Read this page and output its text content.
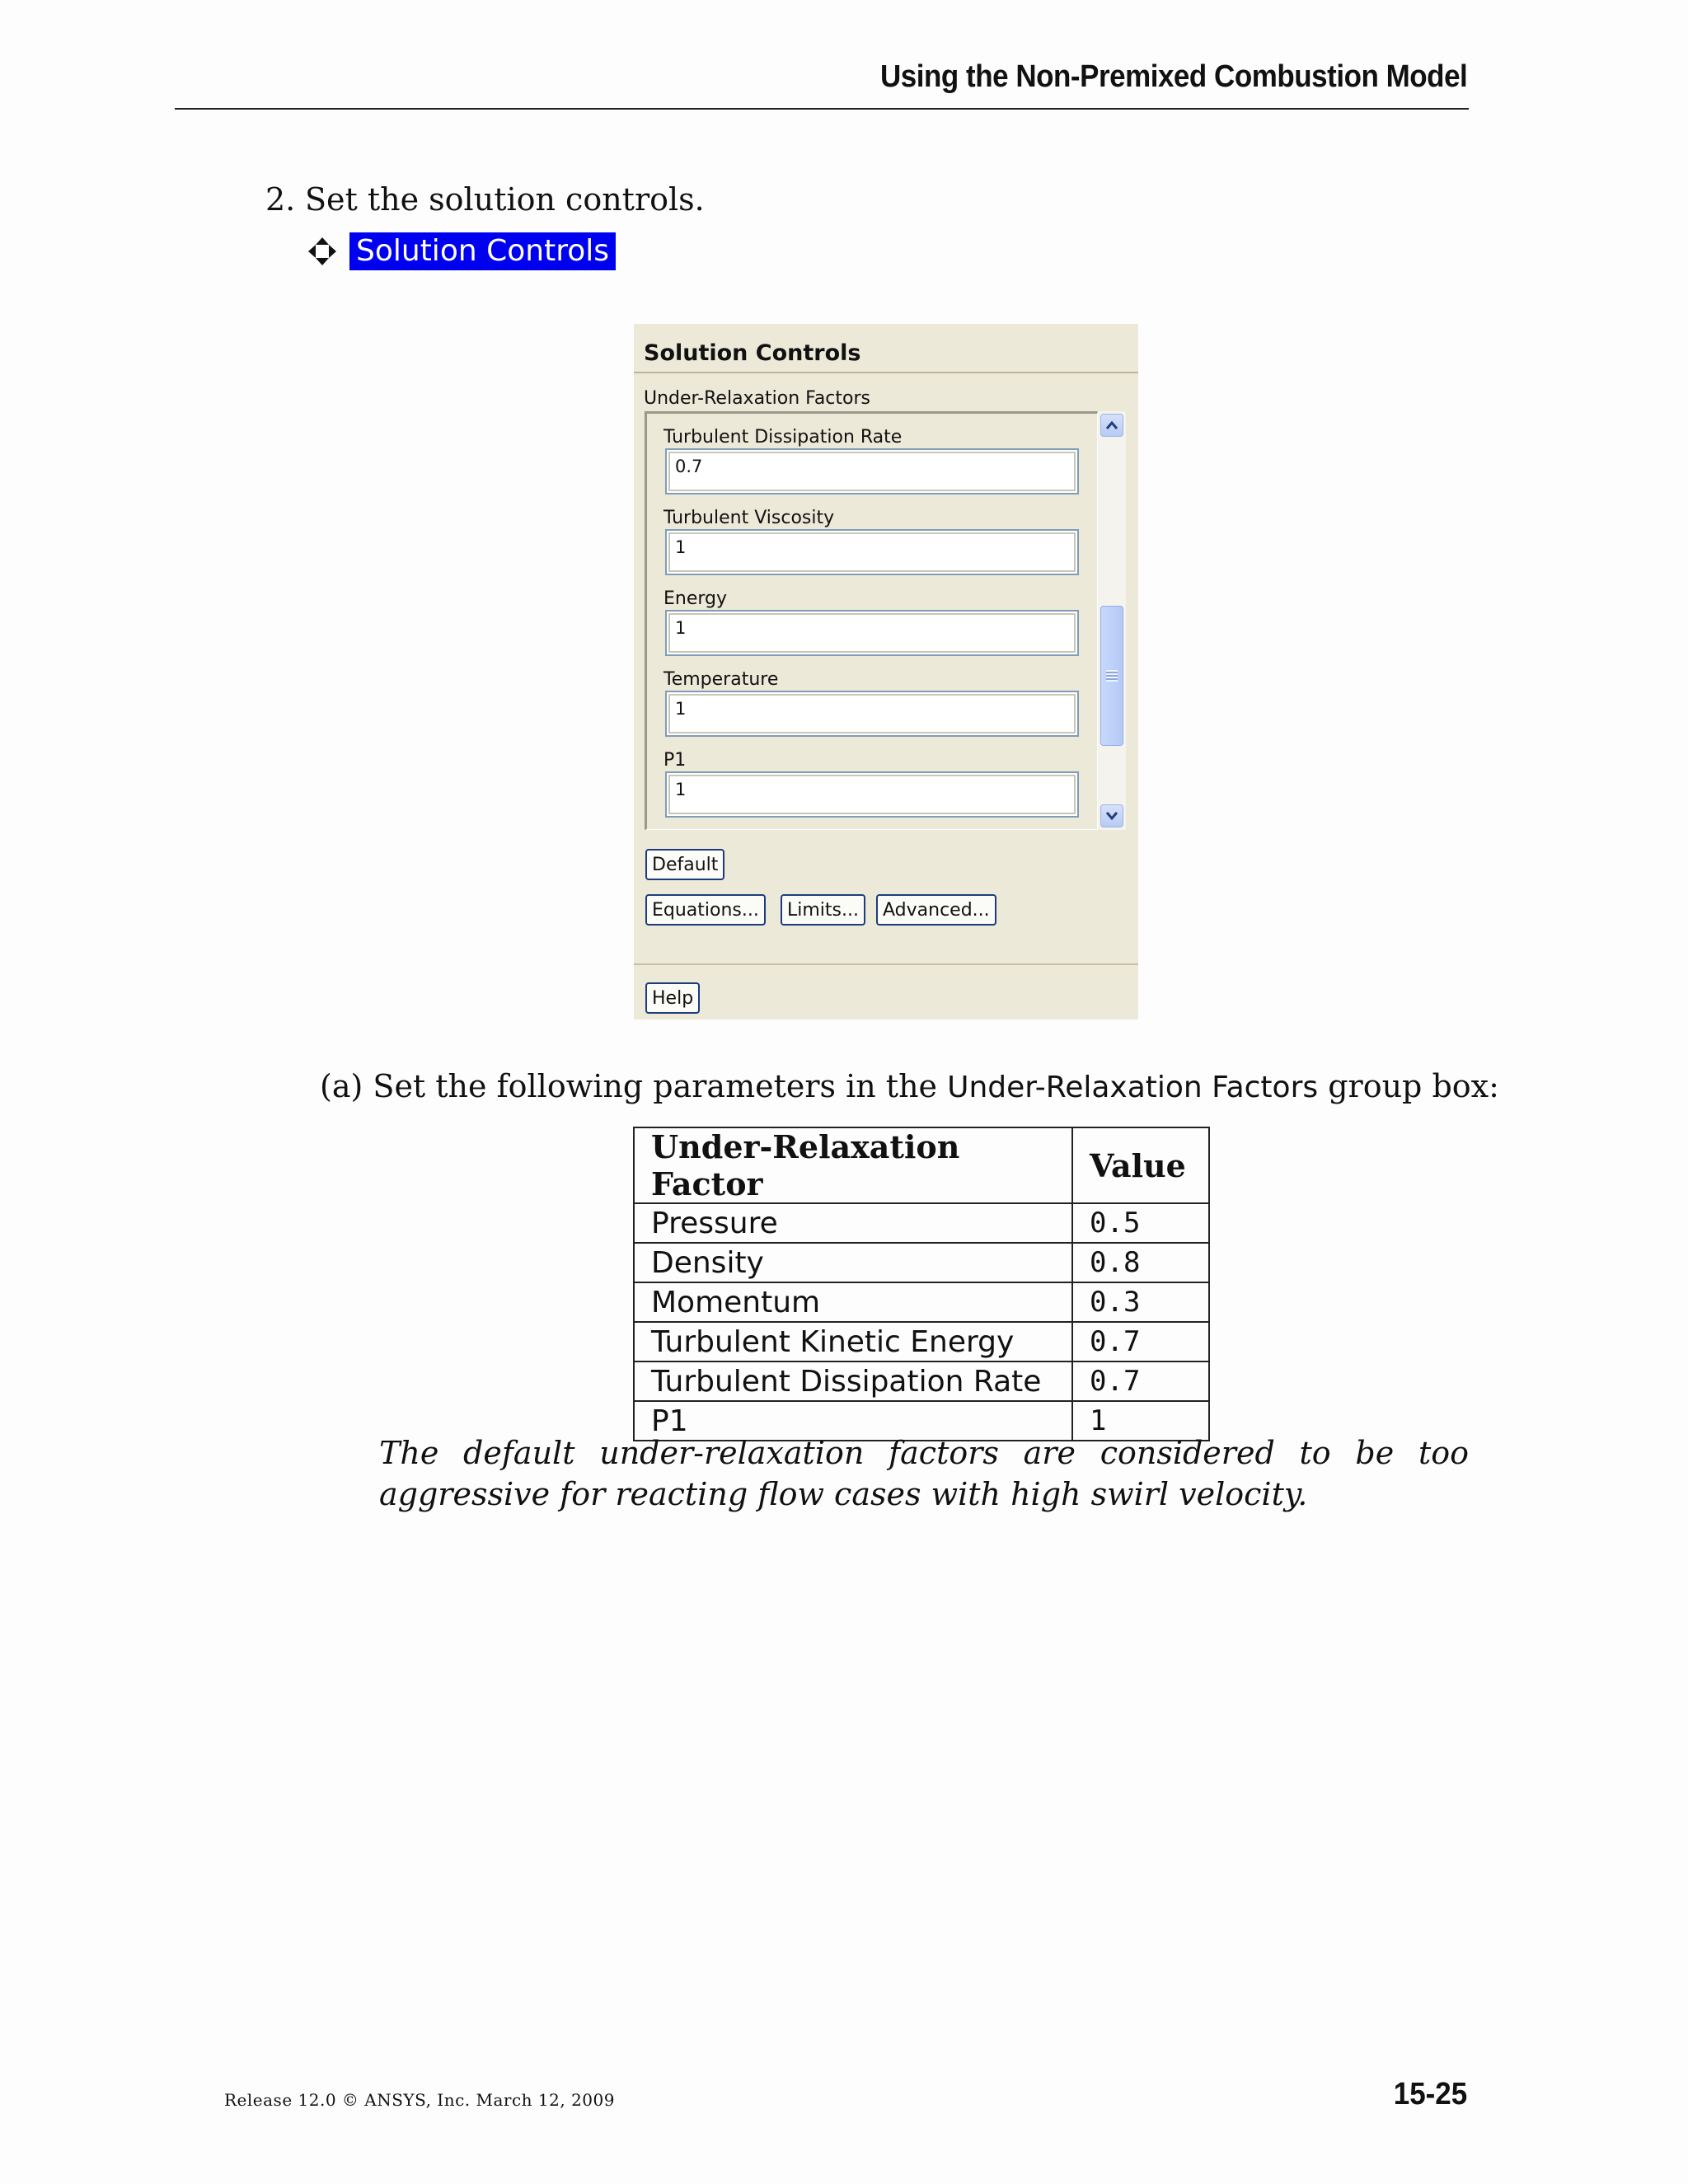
Using the Non-Premixed Combustion Model
2. Set the solution controls.
Solution Controls
Solution Controls
Under-Relaxation Factors
Turbulent Dissipation Rate
0.7
Turbulent Viscosity
1
Energy
1
Temperature
1
P1
1
Default
Equations...	Limits...	Advanced...
Help
(a) Set the following parameters in the Under-Relaxation Factors group box:
Under-Relaxation Factor	Value
Pressure	0.5
Density	0.8
Momentum	0.3
Turbulent Kinetic Energy	0.7
Turbulent Dissipation Rate	0.7
P1	1
The default under-relaxation factors are considered to be too aggressive for reacting flow cases with high swirl velocity.
Release 12.0 © ANSYS, Inc. March 12, 2009	15-25
